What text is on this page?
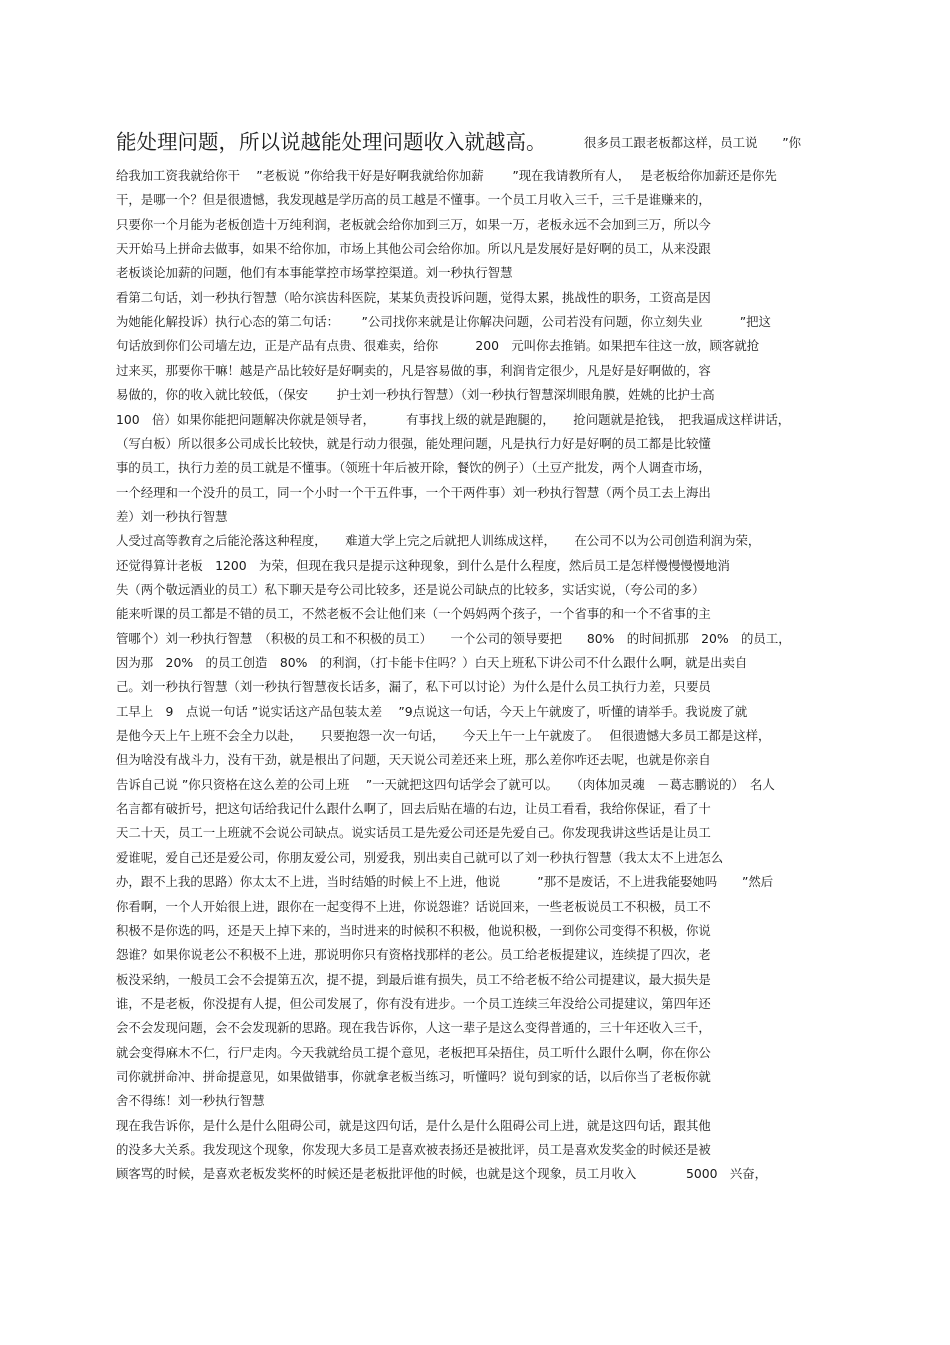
能处理问题，所以说越能处理问题收入就越高。	很多员工跟老板都这样，员工说　　”你
给我加工资我就给你干　 ”老板说 ”你给我干好是好啊我就给你加薪　　 ”现在我请教所有人，　 是老板给你加薪还是你先
干，是哪一个？但是很遗憾，我发现越是学历高的员工越是不懂事。一个员工月收入三千，三千是谁赚来的，
只要你一个月能为老板创造十万纯利润，老板就会给你加到三万，如果一万，老板永远不会加到三万，所以今
天开始马上拼命去做事，如果不给你加，市场上其他公司会给你加。所以凡是发展好是好啊的员工，从来没跟
老板谈论加薪的问题，他们有本事能掌控市场掌控渠道。刘一秒执行智慧
看第二句话，刘一秒执行智慧（哈尔滨齿科医院，某某负责投诉问题，觉得太累，挑战性的职务，工资高是因
为她能化解投诉）执行心态的第二句话：　　 ”公司找你来就是让你解决问题，公司若没有问题，你立刻失业　　　”把这
句话放到你们公司墙左边，正是产品有点贵、很难卖，给你　　　200　元叫你去推销。如果把车往这一放，顾客就抢
过来买，那要你干嘛！越是产品比较好是好啊卖的，凡是容易做的事，利润肯定很少，凡是好是好啊做的，容
易做的，你的收入就比较低，（保安　　 护士刘一秒执行智慧）（刘一秒执行智慧深圳眼角膜，姓姚的比护士高
100　倍）如果你能把问题解决你就是领导者，　　　有事找上级的就是跑腿的，　　抢问题就是抢钱，　把我逼成这样讲话，
（写白板）所以很多公司成长比较快，就是行动力很强，能处理问题，凡是执行力好是好啊的员工都是比较懂
事的员工，执行力差的员工就是不懂事。（领班十年后被开除，餐饮的例子）（土豆产批发，两个人调查市场，
一个经理和一个没升的员工，同一个小时一个干五件事，一个干两件事）刘一秒执行智慧（两个员工去上海出
差）刘一秒执行智慧
人受过高等教育之后能沦落这种程度，　　难道大学上完之后就把人训练成这样，　　在公司不以为公司创造利润为荣，
还觉得算计老板　1200　为荣，但现在我只是提示这种现象，到什么是什么程度，然后员工是怎样慢慢慢慢地消
失（两个敬远酒业的员工）私下聊天是夸公司比较多，还是说公司缺点的比较多，实话实说，（夸公司的多）
能来听课的员工都是不错的员工，不然老板不会让他们来（一个妈妈两个孩子，一个省事的和一个不省事的主
管哪个）刘一秒执行智慧　（积极的员工和不积极的员工）　　一个公司的领导要把　　80%　的时间抓那　20%　的员工，
因为那　20%　的员工创造　80%　的利润，（打卡能卡住吗？）白天上班私下讲公司不什么跟什么啊，就是出卖自
己。刘一秒执行智慧（刘一秒执行智慧夜长话多，漏了，私下可以讨论）为什么是什么员工执行力差，只要员
工早上　9　点说一句话 ”说实话这产品包装太差　 ”9点说这一句话，今天上午就废了，听懂的请举手。我说废了就
是他今天上午上班不会全力以赴，　　只要抱怨一次一句话，　　今天上午一上午就废了。　 但很遗憾大多员工都是这样，
但为啥没有战斗力，没有干劲，就是根出了问题，天天说公司差还来上班，那么差你咋还去呢，也就是你亲自
告诉自己说 ”你只资格在这么差的公司上班　 ”一天就把这四句话学会了就可以。　　（肉体加灵魂　－葛志鹏说的）　名人
名言都有破折号，把这句话给我记什么跟什么啊了，回去后贴在墙的右边，让员工看看，我给你保证，看了十
天二十天，员工一上班就不会说公司缺点。说实话员工是先爱公司还是先爱自己。你发现我讲这些话是让员工
爱谁呢，爱自己还是爱公司，你朋友爱公司，别爱我，别出卖自己就可以了刘一秒执行智慧（我太太不上进怎么
办，跟不上我的思路）你太太不上进，当时结婚的时候上不上进，他说　　　”那不是废话，不上进我能娶她吗　　”然后
你看啊，一个人开始很上进，跟你在一起变得不上进，你说怨谁？话说回来，一些老板说员工不积极，员工不
积极不是你选的吗，还是天上掉下来的，当时进来的时候积不积极，他说积极，一到你公司变得不积极，你说
怨谁？如果你说老公不积极不上进，那说明你只有资格找那样的老公。员工给老板提建议，连续提了四次，老
板没采纳，一般员工会不会提第五次，提不提，到最后谁有损失，员工不给老板不给公司提建议，最大损失是
谁，不是老板，你没提有人提，但公司发展了，你有没有进步。一个员工连续三年没给公司提建议，第四年还
会不会发现问题，会不会发现新的思路。现在我告诉你，人这一辈子是这么变得普通的，三十年还收入三千，
就会变得麻木不仁，行尸走肉。今天我就给员工提个意见，老板把耳朵捂住，员工听什么跟什么啊，你在你公
司你就拼命冲、拼命提意见，如果做错事，你就拿老板当练习，听懂吗？说句到家的话，以后你当了老板你就
舍不得练！刘一秒执行智慧
现在我告诉你，是什么是什么阻碍公司，就是这四句话，是什么是什么阻碍公司上进，就是这四句话，跟其他
的没多大关系。我发现这个现象，你发现大多员工是喜欢被表扬还是被批评，员工是喜欢发奖金的时候还是被
顾客骂的时候，是喜欢老板发奖杯的时候还是老板批评他的时候，也就是这个现象，员工月收入　　　　5000　兴奋，
